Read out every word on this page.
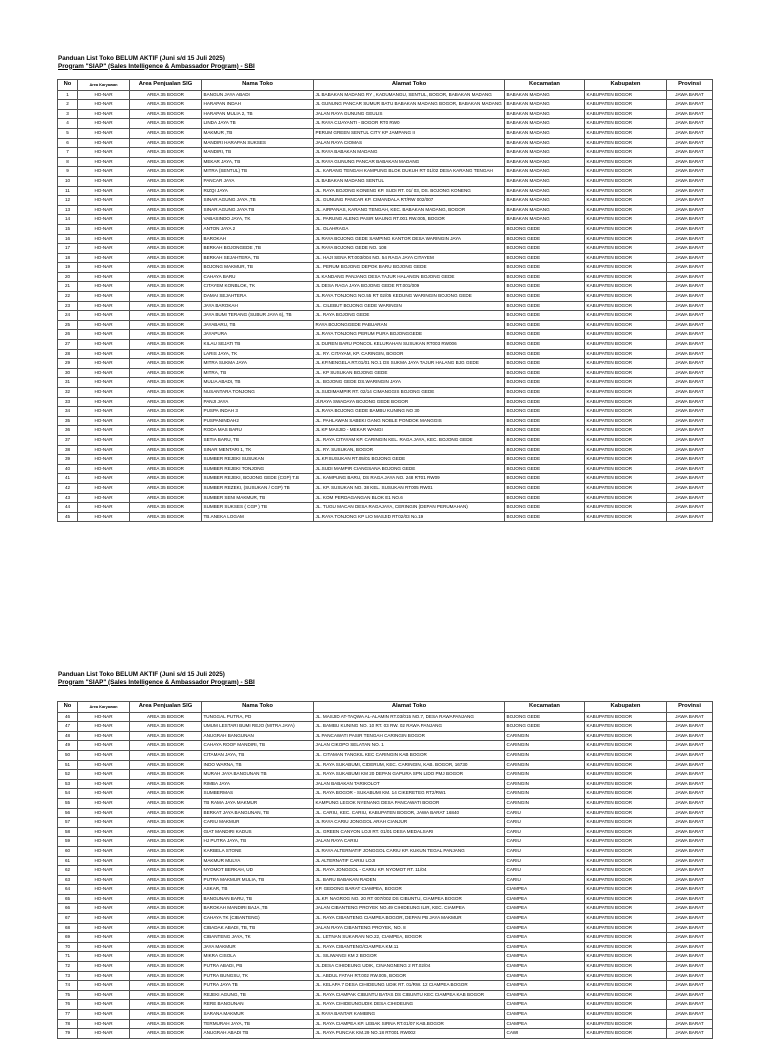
Panduan List Toko BELUM AKTIF (Juni s/d 15 Juli 2025)
Program "SIAP" (Sales Intelligence & Ambassador Program) - SBI
No	Area Karyawan	Area Penjualan SIG	Nama Toko	Alamat Toko	Kecamatan	Kabupaten	Provinsi
1	HO-NAR	AREA 35 BOGOR	BANGUN JAYA ABADI	JL BABAKAN MADANG RY , KADUMANGU, SENTUL, BOGOR, BABAKAN MADANG	BABAKAN MADANG	KABUPATEN BOGOR	JAWA BARAT
2	HO-NAR	AREA 35 BOGOR	HARAPAN INDAH	JL GUNUNG PANCAR SUMUR BATU BABAKAN MADANG BOGOR, BABAKAN MADANG	BABAKAN MADANG	KABUPATEN BOGOR	JAWA BARAT
3	HO-NAR	AREA 35 BOGOR	HARAPAN MULIA 2, TB	JALAN RAYA GUNUNG GEULIS	BABAKAN MADANG	KABUPATEN BOGOR	JAWA BARAT
4	HO-NAR	AREA 35 BOGOR	LINDA JAYA TB	JL RAYA CIJAYANTI - BOGOR RT0 RW0	BABAKAN MADANG	KABUPATEN BOGOR	JAWA BARAT
5	HO-NAR	AREA 35 BOGOR	MAKMUR ,TB	PERUM GREEN SENTUL CITY KP JAMPANG II	BABAKAN MADANG	KABUPATEN BOGOR	JAWA BARAT
6	HO-NAR	AREA 35 BOGOR	MANDIRI HARAPAN SUKSES	JALAN RAYA CIOMAS	BABAKAN MADANG	KABUPATEN BOGOR	JAWA BARAT
7	HO-NAR	AREA 35 BOGOR	MANDIRI, TB	JL RAYA BABAKAN MADANG	BABAKAN MADANG	KABUPATEN BOGOR	JAWA BARAT
8	HO-NAR	AREA 35 BOGOR	MEKAR JAYA, TB	JL RAYA GUNUNG PANCAR BABAKAN MADANG	BABAKAN MADANG	KABUPATEN BOGOR	JAWA BARAT
9	HO-NAR	AREA 35 BOGOR	MITRA (SENTUL) TB	JL. KARANG TENGAH KAMPUNG BLOK DUKUH RT 01/02 DESA KARANG TENGAH	BABAKAN MADANG	KABUPATEN BOGOR	JAWA BARAT
10	HO-NAR	AREA 35 BOGOR	PANCAR JAYA	JL BABAKAN MADANG SENTUL	BABAKAN MADANG	KABUPATEN BOGOR	JAWA BARAT
11	HO-NAR	AREA 35 BOGOR	RIZQI JAYA	JL. RAYA BOJONG KONENG KP. SUDI RT. 01/ 03, DS. BOJONG KONENG	BABAKAN MADANG	KABUPATEN BOGOR	JAWA BARAT
12	HO-NAR	AREA 35 BOGOR	SINAR AGUNG JAYA ,TB	JL. GUNUNG PANCAR KP. CIMANDALA RT/RW 002/007	BABAKAN MADANG	KABUPATEN BOGOR	JAWA BARAT
13	HO-NAR	AREA 35 BOGOR	SINAR AGUNG JAYA TB	JL. AIRPANAS, KARANG TENGAH, KEC. BABAKAN MADANG, BOGOR	BABAKAN MADANG	KABUPATEN BOGOR	JAWA BARAT
14	HO-NAR	AREA 35 BOGOR	VABASINDO JAYA, TK	JL. PARUNG ALENG PASIR MAUNG RT.001 RW.005, BOGOR	BABAKAN MADANG	KABUPATEN BOGOR	JAWA BARAT
15	HO-NAR	AREA 35 BOGOR	ANTON JAYA 2	JL. OLAHRAGA	BOJONG GEDE	KABUPATEN BOGOR	JAWA BARAT
16	HO-NAR	AREA 35 BOGOR	BAROKAH	JL RAYA BOJONG GEDE SAMPING KANTOR DESA WARINGIN JAYA	BOJONG GEDE	KABUPATEN BOGOR	JAWA BARAT
17	HO-NAR	AREA 35 BOGOR	BERKAH BOJONGEDE ,TB	JL RAYA BOJONG GEDE NO. 108	BOJONG GEDE	KABUPATEN BOGOR	JAWA BARAT
18	HO-NAR	AREA 35 BOGOR	BERKAH SEJAHTERA, TB	JL. HAJI SENA RT.003/004 NO. 54 RAGA JAYA CITAYEM	BOJONG GEDE	KABUPATEN BOGOR	JAWA BARAT
19	HO-NAR	AREA 35 BOGOR	BOJONG MAKMUR, TB	JL. PERUM BOJONG DEPOK BARU BOJONG GEDE	BOJONG GEDE	KABUPATEN BOGOR	JAWA BARAT
20	HO-NAR	AREA 35 BOGOR	CAHAYA BARU	JL KANDANG PANJANG DESA TAJUR HALANGN BOJONG GEDE	BOJONG GEDE	KABUPATEN BOGOR	JAWA BARAT
21	HO-NAR	AREA 35 BOGOR	CITAYEM KONBLOK, TK	JL DESA RAGA JAYA BOJONG GEDE RT.001/009	BOJONG GEDE	KABUPATEN BOGOR	JAWA BARAT
22	HO-NAR	AREA 35 BOGOR	DAMAI SEJAHTERA	JL.RAYA TONJONG NO.55 RT 02/05 KEDUNG WARINGIN BOJONG GEDE	BOJONG GEDE	KABUPATEN BOGOR	JAWA BARAT
23	HO-NAR	AREA 35 BOGOR	JAYA BAROKAH	JL. CILEBUT BOJONG GEDE WARINGIN	BOJONG GEDE	KABUPATEN BOGOR	JAWA BARAT
24	HO-NAR	AREA 35 BOGOR	JAYA BUMI TERANG (SUBUR JAYA 6), TB	JL. RAYA BOJONG GEDE	BOJONG GEDE	KABUPATEN BOGOR	JAWA BARAT
25	HO-NAR	AREA 35 BOGOR	JAYABARU, TB	RAYA BOJONGGEDE PABUARAN	BOJONG GEDE	KABUPATEN BOGOR	JAWA BARAT
26	HO-NAR	AREA 35 BOGOR	JAYAPURA	JL.RAYA TONJONG PERUM PURA BOJONGGEDE	BOJONG GEDE	KABUPATEN BOGOR	JAWA BARAT
27	HO-NAR	AREA 35 BOGOR	KILAU SEJATI TB	JL DUREN BARU PONCOL KELURAHAN SUSUKAN RT003 RW006	BOJONG GEDE	KABUPATEN BOGOR	JAWA BARAT
28	HO-NAR	AREA 35 BOGOR	LARIS JAYA, TK	JL. RY. CITAYAM, KP. CARINGIN, BOGOR	BOJONG GEDE	KABUPATEN BOGOR	JAWA BARAT
29	HO-NAR	AREA 35 BOGOR	MITRA SUKMA JAYA	JL.KP.NENGELA RT.01/01 NO.1 DS SUKMA JAYA TAJUR HALANG BJG GEDE	BOJONG GEDE	KABUPATEN BOGOR	JAWA BARAT
30	HO-NAR	AREA 35 BOGOR	MITRA, TB	JL. KP SUSUKAN BOJONG GEDE	BOJONG GEDE	KABUPATEN BOGOR	JAWA BARAT
31	HO-NAR	AREA 35 BOGOR	MULIA ABADI, TB	JL. BOJONG GEDE DS.WARINGIN JAYA	BOJONG GEDE	KABUPATEN BOGOR	JAWA BARAT
32	HO-NAR	AREA 35 BOGOR	NUSANTARA TONJONG	JL.SUDIMAMPIR RT. 02/14 CIMANGGIS BOJONG GEDE	BOJONG GEDE	KABUPATEN BOGOR	JAWA BARAT
33	HO-NAR	AREA 35 BOGOR	PANJI JAYA	Jl.RAYA SWADAYA BOJONG GEDE BOGOR	BOJONG GEDE	KABUPATEN BOGOR	JAWA BARAT
34	HO-NAR	AREA 35 BOGOR	PUSPA INDAH 3	JL.RAYA BOJONG GEDE BAMBU KUNING NO 30	BOJONG GEDE	KABUPATEN BOGOR	JAWA BARAT
35	HO-NAR	AREA 35 BOGOR	PUSPANINDAH2	JL. PAHLAWAN SABEKI GANG NOBLE PONDOK MANGGIS	BOJONG GEDE	KABUPATEN BOGOR	JAWA BARAT
36	HO-NAR	AREA 35 BOGOR	RODA MAS BARU	JL KP MASJID - MEKAR WANGI	BOJONG GEDE	KABUPATEN BOGOR	JAWA BARAT
37	HO-NAR	AREA 35 BOGOR	SETIA BARU, TB	JL. RAYA CITAYAM KP. CARINGIN KEL. RAGA JAYA, KEC. BOJONG GEDE	BOJONG GEDE	KABUPATEN BOGOR	JAWA BARAT
38	HO-NAR	AREA 35 BOGOR	SINAR MENTARI 1, TK	JL. RY. SUSUKAN, BOGOR	BOJONG GEDE	KABUPATEN BOGOR	JAWA BARAT
39	HO-NAR	AREA 35 BOGOR	SUMBER REJEKI SUSUKAN	JL.KP.SUSUKAN RT.05/01 BOJONG GEDE	BOJONG GEDE	KABUPATEN BOGOR	JAWA BARAT
40	HO-NAR	AREA 35 BOGOR	SUMBER REJEKI TONJONG	JL.SUDI MAMPIR CIANGSANA BOJONG GEDE	BOJONG GEDE	KABUPATEN BOGOR	JAWA BARAT
41	HO-NAR	AREA 35 BOGOR	SUMBER REJEKI, BOJONG GEDE (CGP) T.B	JL. KAMPUNG BARU, DS RAGA JAYA NO. 248 RT01 RW09	BOJONG GEDE	KABUPATEN BOGOR	JAWA BARAT
42	HO-NAR	AREA 35 BOGOR	SUMBER REZEKI, (SUSUKAN / CGP) TB	JL. KP. SUSUKAN NO. 38 KEL. SUSUKAN RT005 RW01	BOJONG GEDE	KABUPATEN BOGOR	JAWA BARAT
43	HO-NAR	AREA 35 BOGOR	SUMBER SENI MAKMUR, TB	JL. KOM PERDAGANGAN BLOK E1 NO.6	BOJONG GEDE	KABUPATEN BOGOR	JAWA BARAT
44	HO-NAR	AREA 35 BOGOR	SUMBER SUKSES ( CGP ) TB	JL. TUGU MACAN DESA RAGAJAYA, CERINGIN (DEPAN PERUMAHAN)	BOJONG GEDE	KABUPATEN BOGOR	JAWA BARAT
45	HO-NAR	AREA 35 BOGOR	TB.ANEKA LOGAM	JL.RAYA TONJONG KP LIO MASJID RT02/03 No.19	BOJONG GEDE	KABUPATEN BOGOR	JAWA BARAT
Panduan List Toko BELUM AKTIF (Juni s/d 15 Juli 2025)
Program "SIAP" (Sales Intelligence & Ambassador Program) - SBI
No	Area Karyawan	Area Penjualan SIG	Nama Toko	Alamat Toko	Kecamatan	Kabupaten	Provinsi
46	HO-NAR	AREA 35 BOGOR	TUNGGAL PUTRA, PD	JL. MASJID AT-TAQWA AL-ALAMIN RT.03/015 NO.7, DESA RAWAPANJANG	BOJONG GEDE	KABUPATEN BOGOR	JAWA BARAT
47	HO-NAR	AREA 35 BOGOR	UMUM LESTARI BUMI REJO (MITRA JAYA)	JL. BAMBU KUNING NO. 10 RT. 03 RW. 02 RAWA PANJANG	BOJONG GEDE	KABUPATEN BOGOR	JAWA BARAT
48	HO-NAR	AREA 35 BOGOR	ANUGRAH BANGUNAN	JL PANCAWATI PASIR TENGAH CARINGIN BOGOR	CARINGIN	KABUPATEN BOGOR	JAWA BARAT
49	HO-NAR	AREA 35 BOGOR	CAHAYA ROOF MANDIRI, TB	JALAN CIKOPO SELATAN NO. 1	CARINGIN	KABUPATEN BOGOR	JAWA BARAT
50	HO-NAR	AREA 35 BOGOR	CITAMAN JAYA, TB	JL. CITAMAN TANGKIL KEC CARINGIN KAB BOGOR	CARINGIN	KABUPATEN BOGOR	JAWA BARAT
51	HO-NAR	AREA 35 BOGOR	INDO WARNA, TB	JL. RAYA SUKABUMI, CIDERUM, KEC. CARINGIN, KAB. BOGOR, 16730	CARINGIN	KABUPATEN BOGOR	JAWA BARAT
52	HO-NAR	AREA 35 BOGOR	MURAH JAYA BANGUNAN TB	JL. RAYA SUKABUMI KM 20 DEPAN GAPURA SPN LIDO PMJ BOGOR	CARINGIN	KABUPATEN BOGOR	JAWA BARAT
53	HO-NAR	AREA 35 BOGOR	RIMBA JAYA	JALAN BABAKAN TARIKOLOT	CARINGIN	KABUPATEN BOGOR	JAWA BARAT
54	HO-NAR	AREA 35 BOGOR	SUMBERMAS	JL. RAYA BOGOR - SUKABUMI KM. 14 CIKERETEG RT2/RW1	CARINGIN	KABUPATEN BOGOR	JAWA BARAT
55	HO-NAR	AREA 35 BOGOR	TB RAMA JAYA MAKMUR	KAMPUNG LEGOK NYENANG DESA PANCAWATI BOGOR	CARINGIN	KABUPATEN BOGOR	JAWA BARAT
56	HO-NAR	AREA 35 BOGOR	BERKAT JAYA BANGUNAN, TB	JL. CARIU, KEC. CARIU, KABUPATEN BOGOR, JAWA BARAT 16840	CARIU	KABUPATEN BOGOR	JAWA BARAT
57	HO-NAR	AREA 35 BOGOR	CARIU MAKMUR	JL RAYA CARIU JONGGOL ARAH CIANJUR	CARIU	KABUPATEN BOGOR	JAWA BARAT
58	HO-NAR	AREA 35 BOGOR	GIAT MANDIRI KADUS	JL. GREEN CANYON LOJI RT. 01/01 DESA MEDALSARI	CARIU	KABUPATEN BOGOR	JAWA BARAT
59	HO-NAR	AREA 35 BOGOR	HJ PUTRA JAYA, TB	JALAN RAYA CARIU	CARIU	KABUPATEN BOGOR	JAWA BARAT
60	HO-NAR	AREA 35 BOGOR	KARBELA STONE	JL RAYA ALTERNATIF JONGGOL CARIU KP. KUKUN TEGAL PANJANG	CARIU	KABUPATEN BOGOR	JAWA BARAT
61	HO-NAR	AREA 35 BOGOR	MAKMUR MULYA	JL ALTERNATIF CARIU LOJI	CARIU	KABUPATEN BOGOR	JAWA BARAT
62	HO-NAR	AREA 35 BOGOR	NYOMOT BERKAH, UD	JL. RAYA JONGGOL - CARIU KP. NYOMOT RT. 11/04	CARIU	KABUPATEN BOGOR	JAWA BARAT
63	HO-NAR	AREA 35 BOGOR	PUTRA MAKMUR MULIA, TB	JL. BARU BABAKAN RADEN	CARIU	KABUPATEN BOGOR	JAWA BARAT
64	HO-NAR	AREA 35 BOGOR	ASKAR, TB	KP. GEDONG BARAT CIAMPEA, BOGOR	CIAMPEA	KABUPATEN BOGOR	JAWA BARAT
65	HO-NAR	AREA 35 BOGOR	BANGUNAN BARU, TB	JL.KP. NAGROG NO. 20 RT 007/002 DS CIBUNTU, CIAMPEA BOGOR	CIAMPEA	KABUPATEN BOGOR	JAWA BARAT
66	HO-NAR	AREA 35 BOGOR	BAROKAH MANDIRI BAJA ,TB	JALAN CIBANTENG PROYEK NO.49 CIHIDEUNG ILIR, KEC. CIAMPEA	CIAMPEA	KABUPATEN BOGOR	JAWA BARAT
67	HO-NAR	AREA 35 BOGOR	CAHAYA TK (CIBANTENG)	JL. RAYA CIBANTENG CIAMPEA BOGOR, DEPAN PB JAYA MAKMUR	CIAMPEA	KABUPATEN BOGOR	JAWA BARAT
68	HO-NAR	AREA 35 BOGOR	CIBADAK ABADI, TB, TB	JALAN RAYA CIBANTENG PROYEK, NO. 8	CIAMPEA	KABUPATEN BOGOR	JAWA BARAT
69	HO-NAR	AREA 35 BOGOR	CIBANTENG JAYA, TK	JL. LETNAN SUKARAN NO.22, CIAMPEA, BOGOR	CIAMPEA	KABUPATEN BOGOR	JAWA BARAT
70	HO-NAR	AREA 35 BOGOR	JAYA MAKMUR	JL. RAYA CIBANTENG/CIAMPEA KM.11	CIAMPEA	KABUPATEN BOGOR	JAWA BARAT
71	HO-NAR	AREA 35 BOGOR	MIKRA CISOLA	JL. SILIWANGI KM 2 BOGOR	CIAMPEA	KABUPATEN BOGOR	JAWA BARAT
72	HO-NAR	AREA 35 BOGOR	PUTRA ABADI, PB	JL.DESA CIHIDEUNG UDIK, CINANGNENG 2 RT.02/04	CIAMPEA	KABUPATEN BOGOR	JAWA BARAT
73	HO-NAR	AREA 35 BOGOR	PUTRA BUNGSU, TK	JL. ABDUL FATAH RT.002 RW.005, BOGOR	CIAMPEA	KABUPATEN BOGOR	JAWA BARAT
74	HO-NAR	AREA 35 BOGOR	PUTRA JAYA TB	JL. KELAPA 7 DESA CIHIDEUNG UDIK RT. 01/RW. 12 CIAMPEA BOGOR	CIAMPEA	KABUPATEN BOGOR	JAWA BARAT
75	HO-NAR	AREA 35 BOGOR	REJEKI AGUNG, TB	JL. RAYA CIAMPAK CIBUNTU BATAS DS CIBUNTU KEC CIAMPEA KAB BOGOR	CIAMPEA	KABUPATEN BOGOR	JAWA BARAT
76	HO-NAR	AREA 35 BOGOR	RERE BANGUNAN	JL. RAYA CIHIDEUNGUDIK DESA CIHIDEUNG	CIAMPEA	KABUPATEN BOGOR	JAWA BARAT
77	HO-NAR	AREA 35 BOGOR	SARANA MAKMUR	JL RAYA BANTAR KAMBING	CIAMPEA	KABUPATEN BOGOR	JAWA BARAT
78	HO-NAR	AREA 35 BOGOR	TERMURAH JAYA, TB	JL. RAYA CIAMPEA KP. LEBAK SIRNA RT.01/07 KAB.BOGOR	CIAMPEA	KABUPATEN BOGOR	JAWA BARAT
79	HO-NAR	AREA 35 BOGOR	ANUGRAH ABADI TB	JL. RAYA PUNCAK KM.29 NO.18 RT001 RW002	CAWI	KABUPATEN BOGOR	JAWA BARAT
